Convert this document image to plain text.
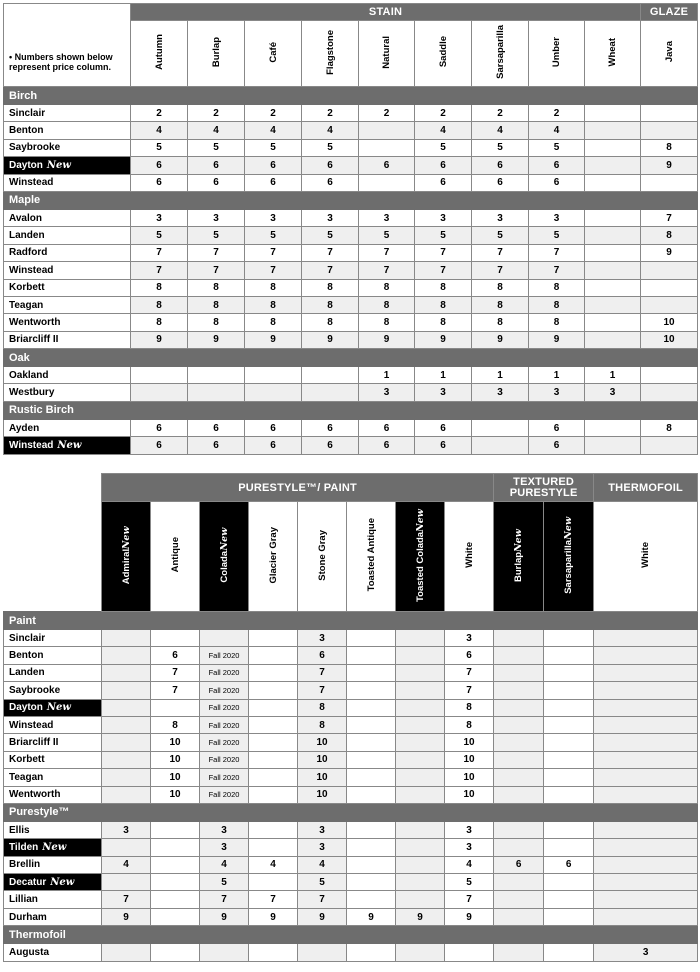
• Numbers shown below represent price column.	STAIN									GLAZE
	Autumn	Burlap	Café	Flagstone	Natural	Saddle	Sarsaparilla	Umber	Wheat	Java
Birch										
Sinclair	2	2	2	2	2	2	2	2		
Benton	4	4	4	4		4	4	4		
Saybrooke	5	5	5	5		5	5	5		8
Dayton New	6	6	6	6	6	6	6	6		9
Winstead	6	6	6	6		6	6	6		
Maple										
Avalon	3	3	3	3	3	3	3	3		7
Landen	5	5	5	5	5	5	5	5		8
Radford	7	7	7	7	7	7	7	7		9
Winstead	7	7	7	7	7	7	7	7		
Korbett	8	8	8	8	8	8	8	8		
Teagan	8	8	8	8	8	8	8	8		
Wentworth	8	8	8	8	8	8	8	8		10
Briarcliff II	9	9	9	9	9	9	9	9		10
Oak										
Oakland					1	1	1	1	1	
Westbury					3	3	3	3	3	
Rustic Birch										
Ayden	6	6	6	6	6	6		6		8
Winstead New	6	6	6	6	6	6		6		
	PURESTYLE™/ PAINT								TEXTURED PURESTYLE		THERMOFOIL
	AdmiralNew	Antique	ColadaNew	Glacier Gray	Stone Gray	Toasted Antique	Toasted ColadaNew	White	BurlapNew	SarsaparillaNew	White
Paint											
Sinclair					3			3			
Benton		6	Fall 2020		6			6			
Landen		7	Fall 2020		7			7			
Saybrooke		7	Fall 2020		7			7			
Dayton New			Fall 2020		8			8			
Winstead		8	Fall 2020		8			8			
Briarcliff II		10	Fall 2020		10			10			
Korbett		10	Fall 2020		10			10			
Teagan		10	Fall 2020		10			10			
Wentworth		10	Fall 2020		10			10			
Purestyle™											
Ellis	3		3		3			3			
Tilden New			3		3			3			
Brellin	4		4	4	4			4	6	6	
Decatur New			5		5			5			
Lillian	7		7	7	7			7			
Durham	9		9	9	9	9	9	9			
Thermofoil											
Augusta											3
